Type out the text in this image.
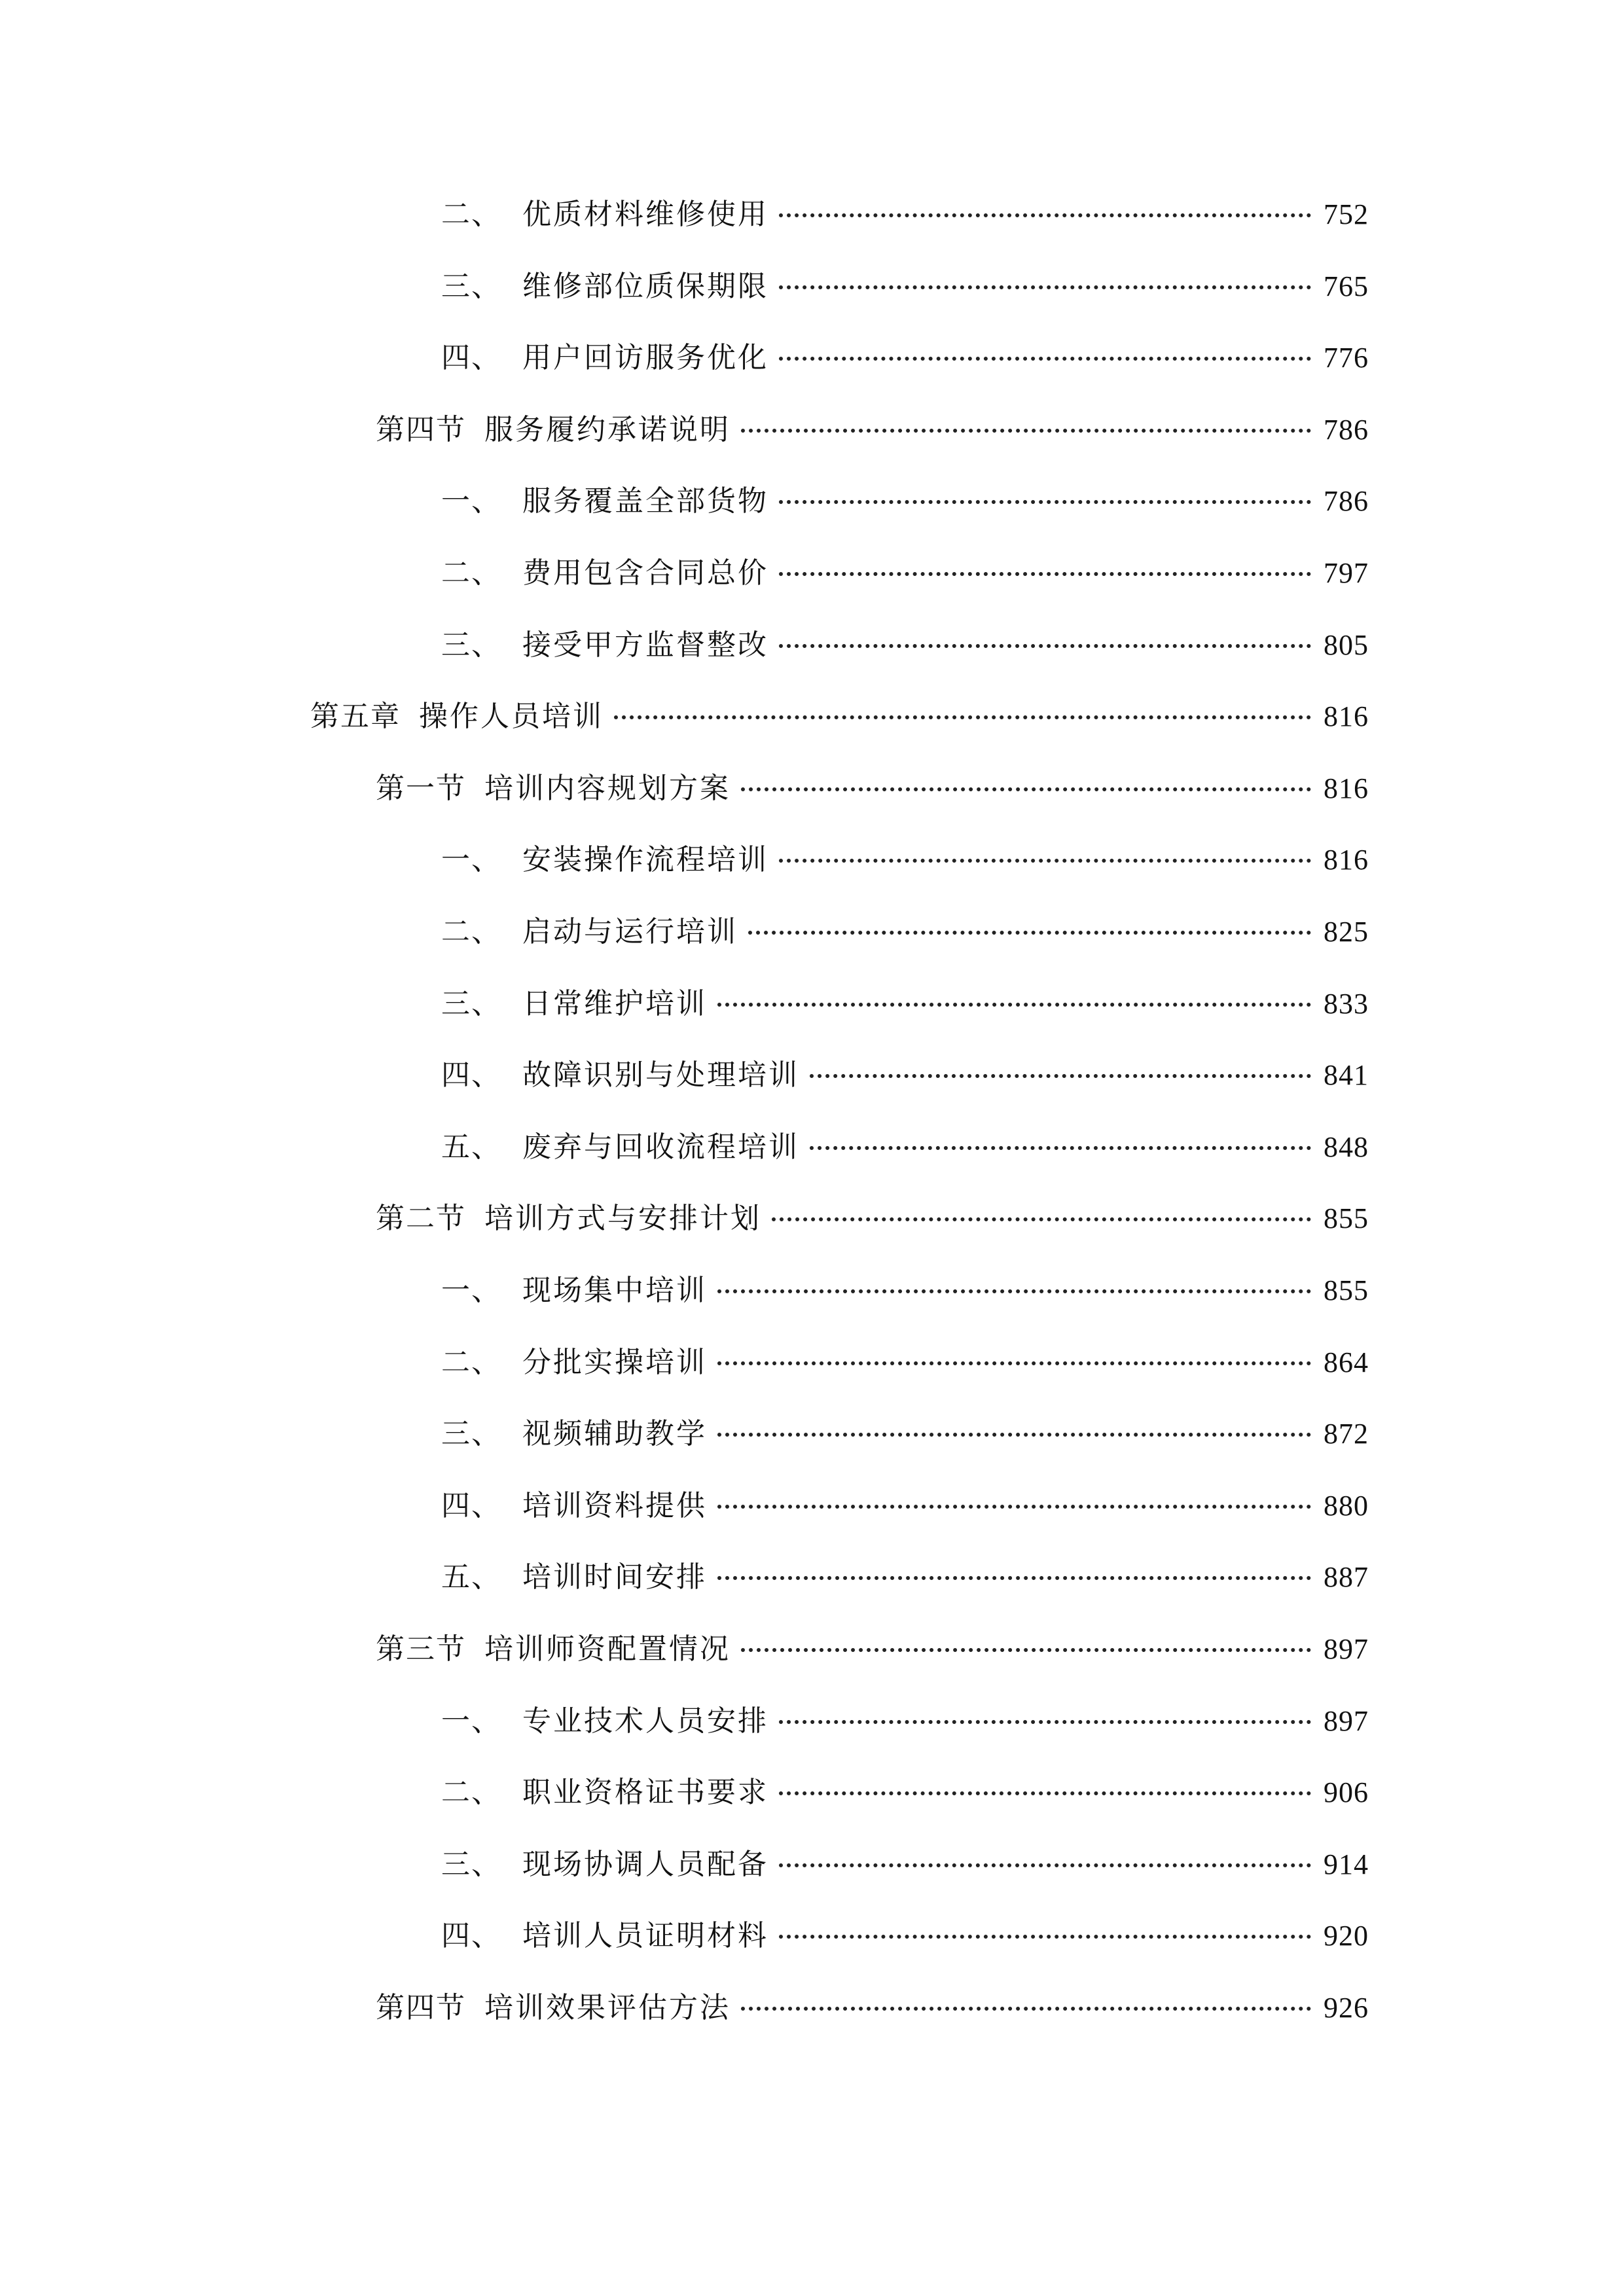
二、 优质材料维修使用	752
三、 维修部位质保期限	765
四、 用户回访服务优化	776
第四节 服务履约承诺说明	786
一、 服务覆盖全部货物	786
二、 费用包含合同总价	797
三、 接受甲方监督整改	805
第五章 操作人员培训	816
第一节 培训内容规划方案	816
一、 安装操作流程培训	816
二、 启动与运行培训	825
三、 日常维护培训	833
四、 故障识别与处理培训	841
五、 废弃与回收流程培训	848
第二节 培训方式与安排计划	855
一、 现场集中培训	855
二、 分批实操培训	864
三、 视频辅助教学	872
四、 培训资料提供	880
五、 培训时间安排	887
第三节 培训师资配置情况	897
一、 专业技术人员安排	897
二、 职业资格证书要求	906
三、 现场协调人员配备	914
四、 培训人员证明材料	920
第四节 培训效果评估方法	926
